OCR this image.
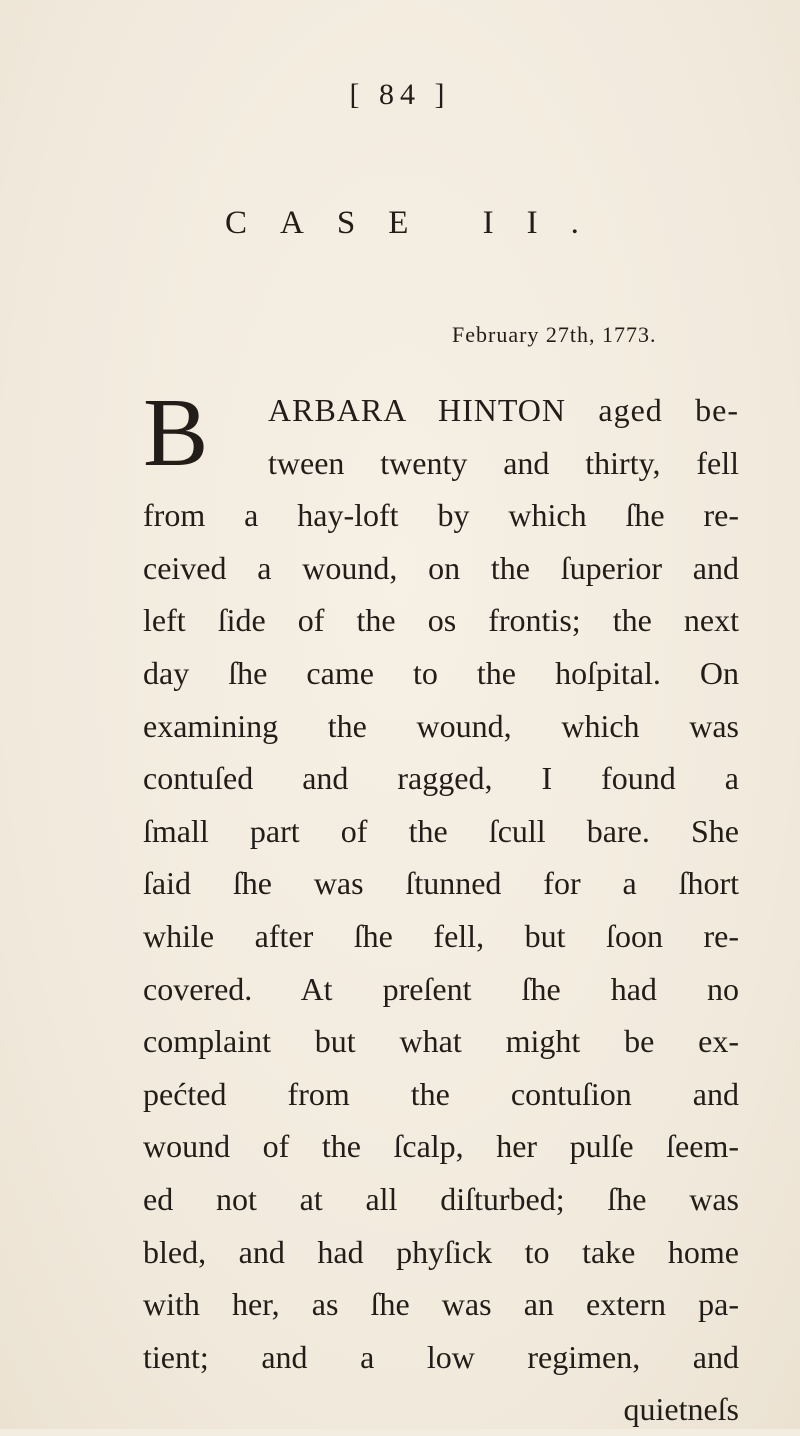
[ 84 ]
CASE II.
February 27th, 1773.
B	ARBARA HINTON aged be-
tween twenty and thirty, fell
from a hay-loft by which ſhe re-
ceived a wound, on the ſuperior and
left ſide of the os frontis; the next
day ſhe came to the hoſpital. On
examining the wound, which was
contuſed and ragged, I found a
ſmall part of the ſcull bare. She
ſaid ſhe was ſtunned for a ſhort
while after ſhe fell, but ſoon re-
covered. At preſent ſhe had no
complaint but what might be ex-
pećted from the contuſion and
wound of the ſcalp, her pulſe ſeem-
ed not at all diſturbed; ſhe was
bled, and had phyſick to take home
with her, as ſhe was an extern pa-
tient; and a low regimen, and
quietneſs
